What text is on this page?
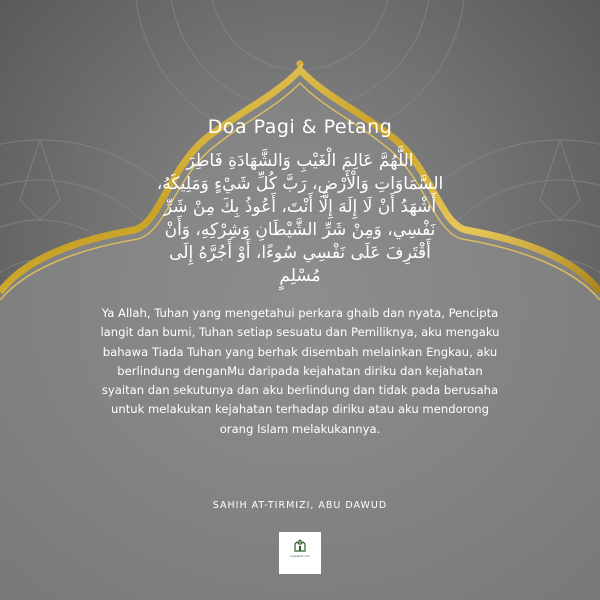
Doa Pagi & Petang
اللَّهُمَّ عَالِمَ الْغَيْبِ وَالشَّهَادَةِ فَاطِرَ السَّمَاوَاتِ وَالْأَرْضِ، رَبَّ كُلِّ شَيْءٍ وَمَلِيكَهُ، أَشْهَدُ أَنْ لَا إِلَهَ إِلَّا أَنْتَ، أَعُوذُ بِكَ مِنْ شَرِّ نَفْسِي، وَمِنْ شَرِّ الشَّيْطَانِ وَشِرْكِهِ، وَأَنْ أَقْتَرِفَ عَلَى نَفْسِي سُوءًا، أَوْ أَجُرَّهُ إِلَى مُسْلِمٍ
Ya Allah, Tuhan yang mengetahui perkara ghaib dan nyata, Pencipta langit dan bumi, Tuhan setiap sesuatu dan Pemiliknya, aku mengaku bahawa Tiada Tuhan yang berhak disembah melainkan Engkau, aku berlindung denganMu daripada kejahatan diriku dan kejahatan syaitan dan sekutunya dan aku berlindung dan tidak pada berusaha untuk melakukan kejahatan terhadap diriku atau aku mendorong orang Islam melakukannya.
SAHIH AT-TIRMIZI, ABU DAWUD
mywakaf.com
